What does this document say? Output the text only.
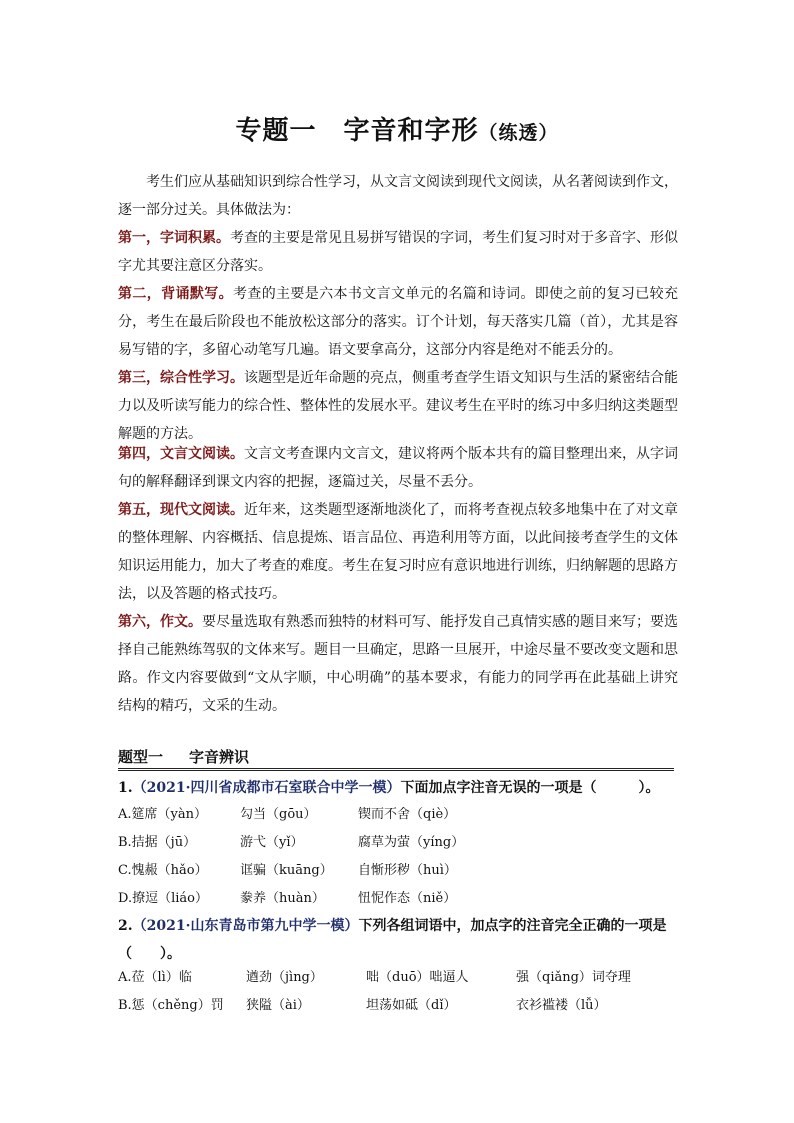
专题一　字音和字形（练透）
考生们应从基础知识到综合性学习，从文言文阅读到现代文阅读，从名著阅读到作文，逐一部分过关。具体做法为：
第一，字词积累。考查的主要是常见且易拼写错误的字词，考生们复习时对于多音字、形似字尤其要注意区分落实。
第二，背诵默写。考查的主要是六本书文言文单元的名篇和诗词。即使之前的复习已较充分，考生在最后阶段也不能放松这部分的落实。订个计划，每天落实几篇（首），尤其是容易写错的字，多留心动笔写几遍。语文要拿高分，这部分内容是绝对不能丢分的。
第三，综合性学习。该题型是近年命题的亮点，侧重考查学生语文知识与生活的紧密结合能力以及听读写能力的综合性、整体性的发展水平。建议考生在平时的练习中多归纳这类题型解题的方法。
第四，文言文阅读。文言文考查课内文言文，建议将两个版本共有的篇目整理出来，从字词句的解释翻译到课文内容的把握，逐篇过关，尽量不丢分。
第五，现代文阅读。近年来，这类题型逐渐地淡化了，而将考查视点较多地集中在了对文章的整体理解、内容概括、信息提炼、语言品位、再造利用等方面，以此间接考查学生的文体知识运用能力，加大了考查的难度。考生在复习时应有意识地进行训练，归纳解题的思路方法，以及答题的格式技巧。
第六，作文。要尽量选取有熟悉而独特的材料可写、能抒发自己真情实感的题目来写；要选择自己能熟练驾驭的文体来写。题目一旦确定，思路一旦展开，中途尽量不要改变文题和思路。作文内容要做到“文从字顺，中心明确”的基本要求，有能力的同学再在此基础上讲究结构的精巧，文采的生动。
题型一 字音辨识
1.（2021·四川省成都市石室联合中学一模）下面加点字注音无误的一项是（　　　）。
A.筵席（yàn）	勾当（gōu）	锲而不舍（qiè）
B.拮据（jū）	游弋（yǐ）	腐草为萤（yíng）
C.愧赧（hǎo） 诓骗（kuāng） 自惭形秽（huì）
D.撩逗（liáo） 豢养（huàn）	忸怩作态（niě）
2.（2021·山东青岛市第九中学一模）下列各组词语中，加点字的注音完全正确的一项是（　　）。
A.莅（lì）临	遒劲（jìng）	咄（duō）咄逼人	强（qiǎng）词夺理
B.惩（chěng）罚 狭隘（ài）	坦荡如砥（dǐ）	衣衫褴褛（lǚ）
